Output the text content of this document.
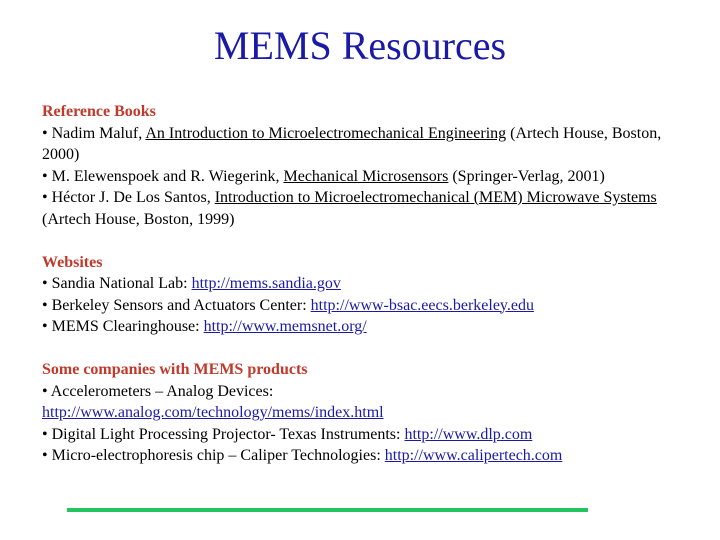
MEMS Resources
Reference Books
• Nadim Maluf, An Introduction to Microelectromechanical Engineering (Artech House, Boston, 2000)
• M. Elewenspoek and R. Wiegerink, Mechanical Microsensors (Springer-Verlag, 2001)
• Héctor J. De Los Santos, Introduction to Microelectromechanical (MEM) Microwave Systems (Artech House, Boston, 1999)
Websites
• Sandia National Lab: http://mems.sandia.gov
• Berkeley Sensors and Actuators Center: http://www-bsac.eecs.berkeley.edu
• MEMS Clearinghouse: http://www.memsnet.org/
Some companies with MEMS products
• Accelerometers – Analog Devices:
http://www.analog.com/technology/mems/index.html
• Digital Light Processing Projector- Texas Instruments: http://www.dlp.com
• Micro-electrophoresis chip – Caliper Technologies: http://www.calipertech.com
